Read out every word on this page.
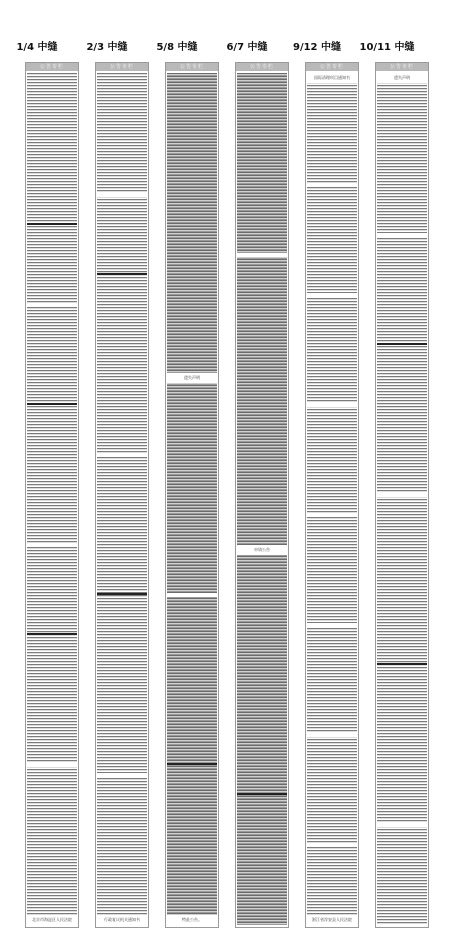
1/4 中缝	2/3 中缝	5/8 中缝	6/7 中缝	9/12 中缝	10/11 中缝
公告专栏
北京市海淀区人民法院
公告专栏
行政复议机关通知书
公告专栏
遗失声明
特此公告。
公告专栏
申请公告
公告专栏
国际清理项目通知书
浙江省淳安县人民法院
公告专栏
遗失声明
